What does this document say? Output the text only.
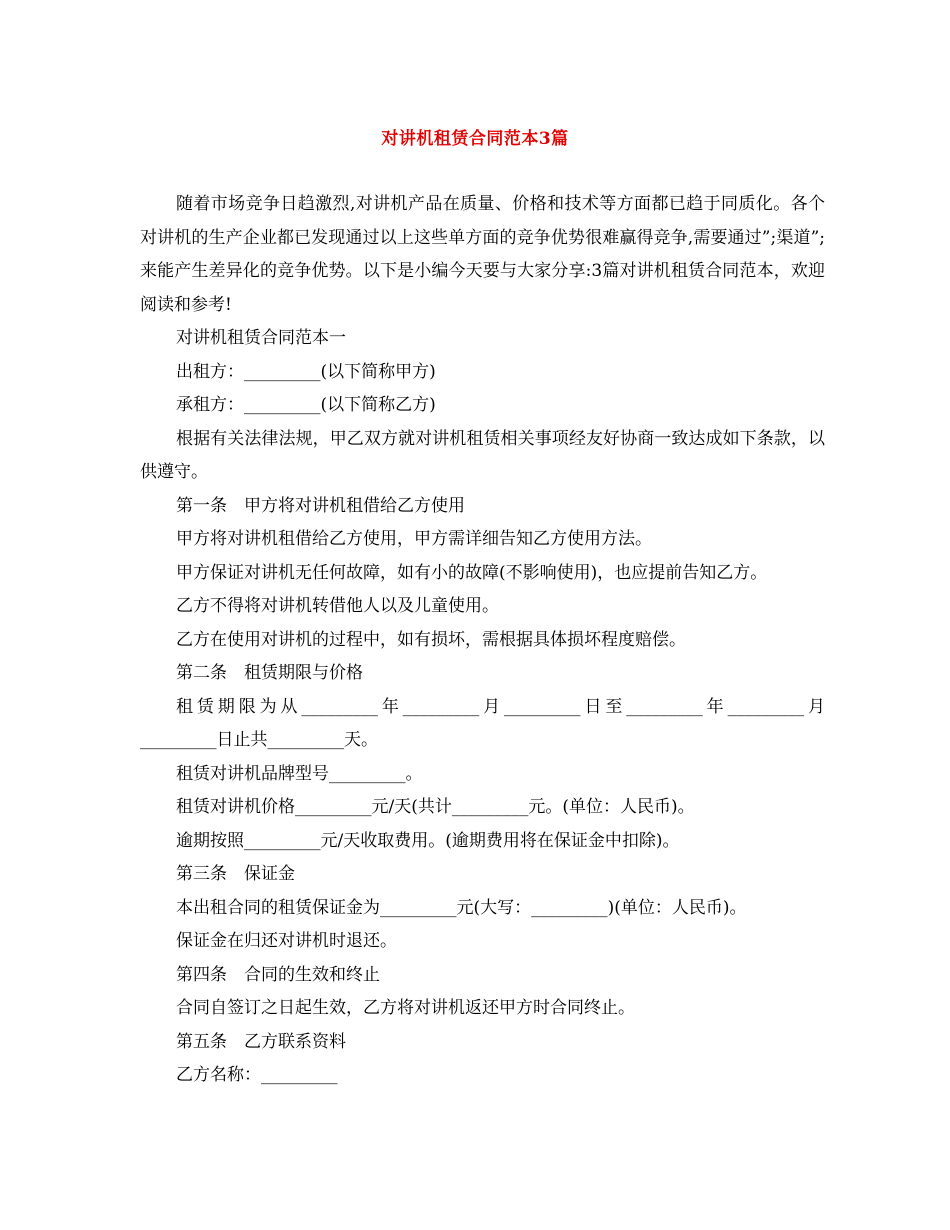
对讲机租赁合同范本3篇

随着市场竞争日趋激烈,对讲机产品在质量、价格和技术等方面都已趋于同质化。各个对讲机的生产企业都已发现通过以上这些单方面的竞争优势很难赢得竞争,需要通过”;渠道”;来能产生差异化的竞争优势。以下是小编今天要与大家分享:3篇对讲机租赁合同范本，欢迎阅读和参考!

对讲机租赁合同范本一

出租方：_________(以下简称甲方)

承租方：_________(以下简称乙方)

根据有关法律法规，甲乙双方就对讲机租赁相关事项经友好协商一致达成如下条款，以供遵守。

第一条　甲方将对讲机租借给乙方使用

甲方将对讲机租借给乙方使用，甲方需详细告知乙方使用方法。

甲方保证对讲机无任何故障，如有小的故障(不影响使用)，也应提前告知乙方。

乙方不得将对讲机转借他人以及儿童使用。

乙方在使用对讲机的过程中，如有损坏，需根据具体损坏程度赔偿。

第二条　租赁期限与价格

租赁期限为从_________年_________月_________日至_________年_________月_________日止共_________天。

租赁对讲机品牌型号_________。

租赁对讲机价格_________元/天(共计_________元。(单位：人民币)。

逾期按照_________元/天收取费用。(逾期费用将在保证金中扣除)。

第三条　保证金

本出租合同的租赁保证金为_________元(大写：_________)(单位：人民币)。

保证金在归还对讲机时退还。

第四条　合同的生效和终止

合同自签订之日起生效，乙方将对讲机返还甲方时合同终止。

第五条　乙方联系资料

乙方名称：_________
